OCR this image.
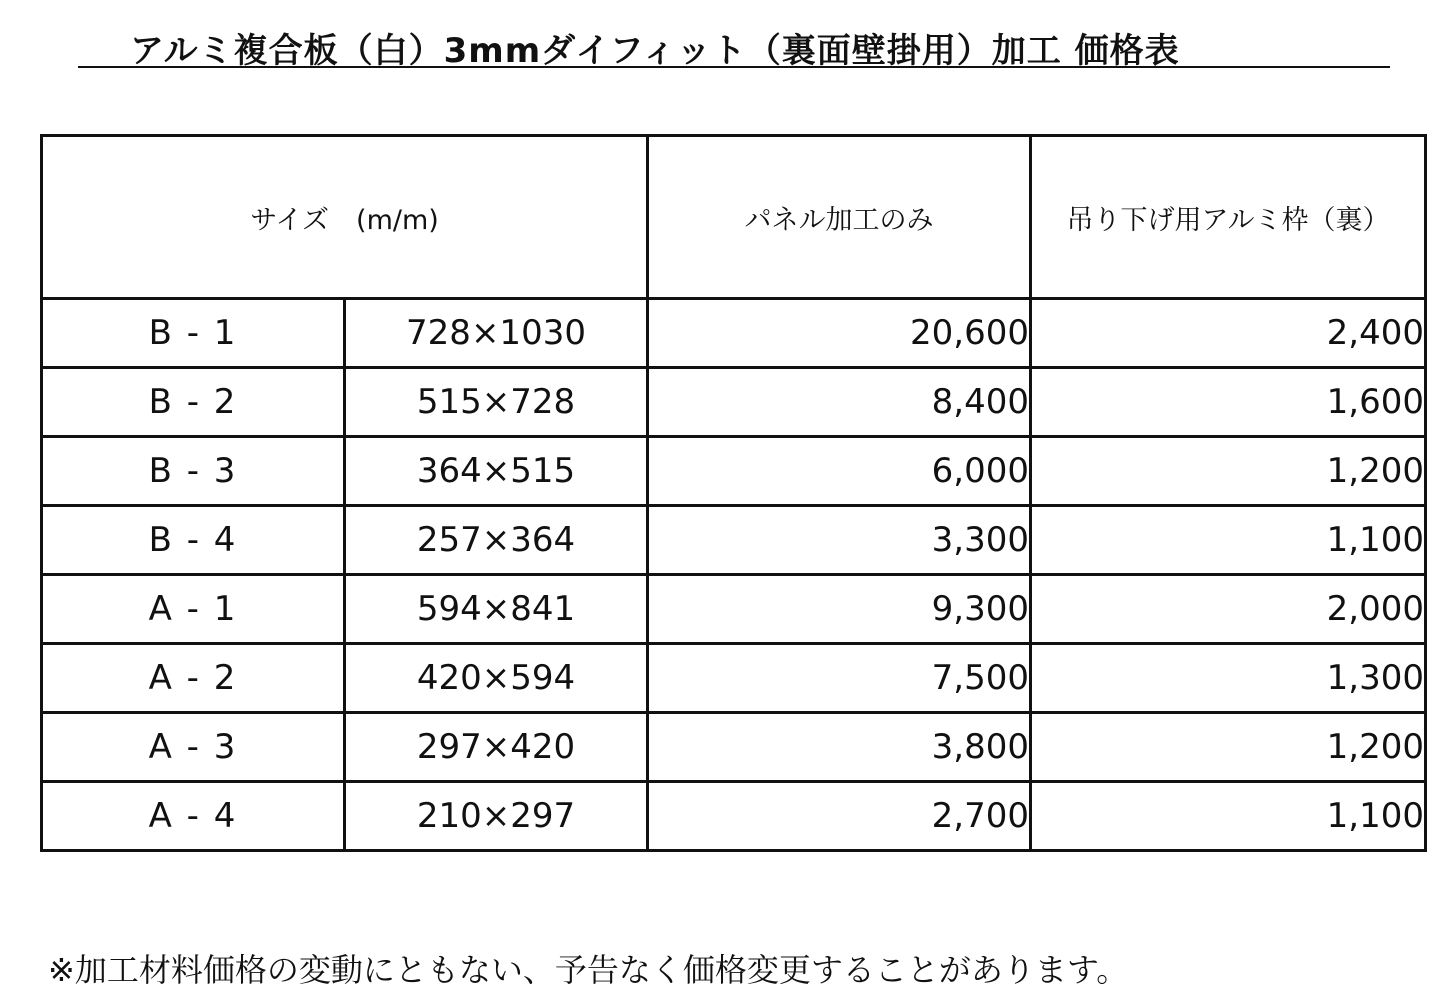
アルミ複合板（白）3mmダイフィット（裏面壁掛用）加工 価格表
サイズ　(m/m)		パネル加工のみ	吊り下げ用アルミ枠（裏）
B - 1	728×1030	20,600	2,400
B - 2	515×728	8,400	1,600
B - 3	364×515	6,000	1,200
B - 4	257×364	3,300	1,100
A - 1	594×841	9,300	2,000
A - 2	420×594	7,500	1,300
A - 3	297×420	3,800	1,200
A - 4	210×297	2,700	1,100
※加工材料価格の変動にともない、予告なく価格変更することがあります。
